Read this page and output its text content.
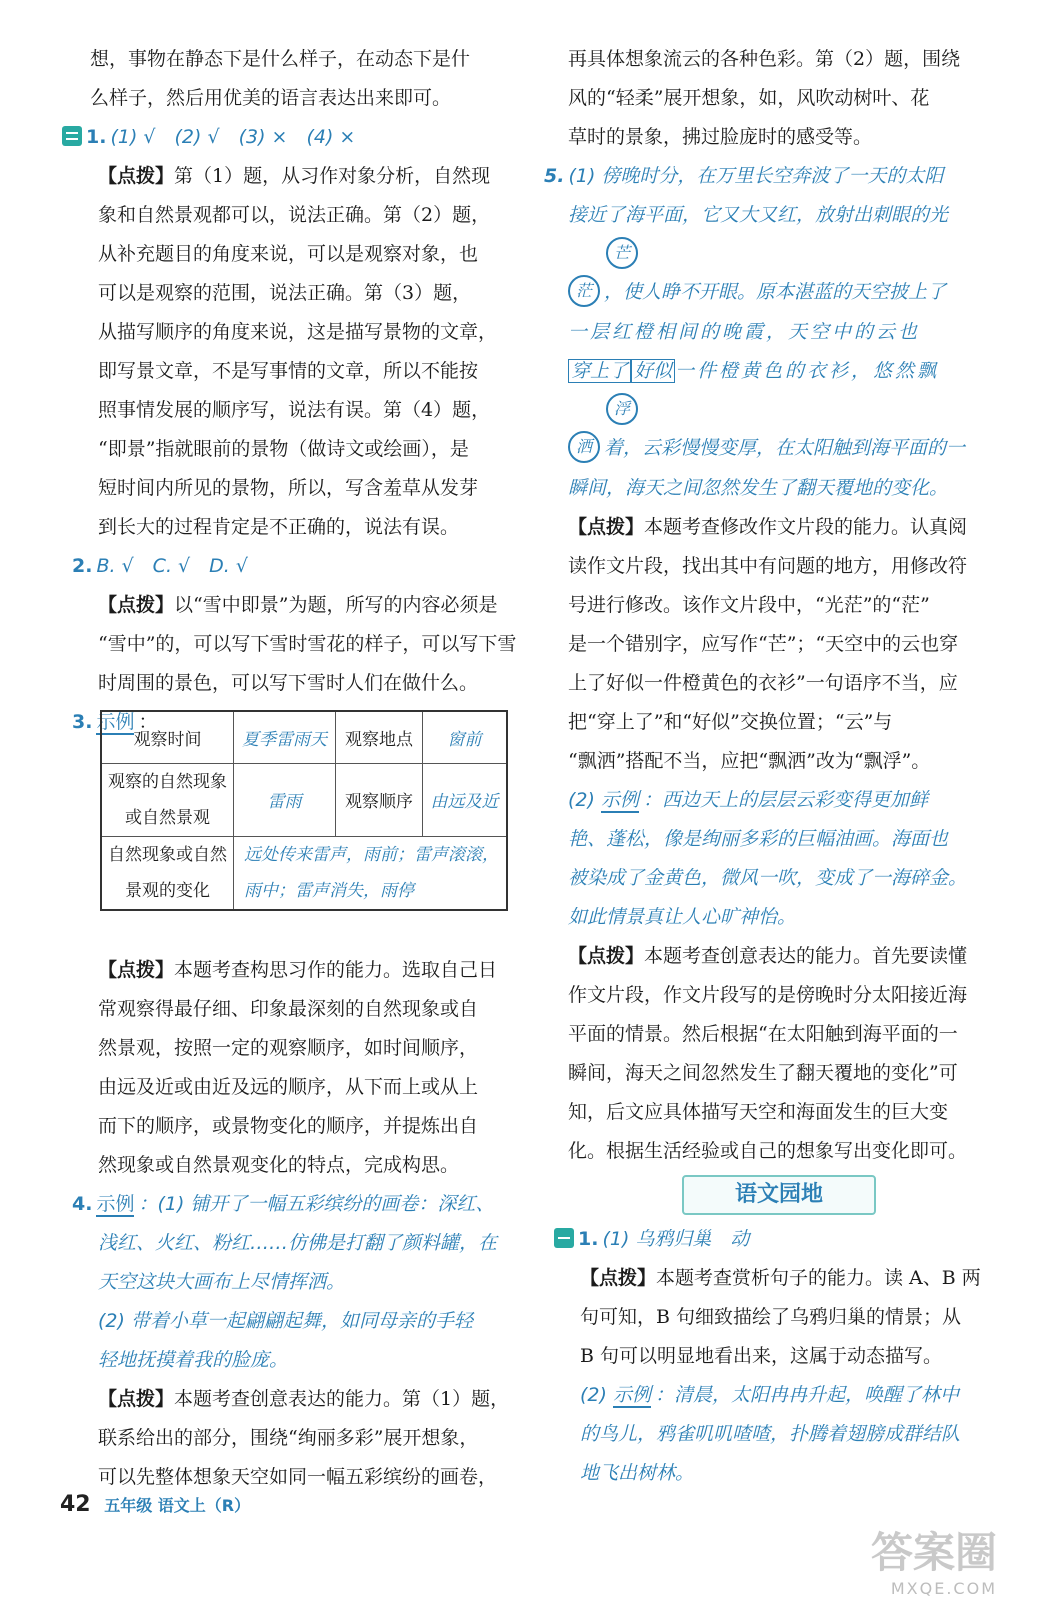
想，事物在静态下是什么样子，在动态下是什
么样子，然后用优美的语言表达出来即可。
1. (1) √　(2) √　(3) ×　(4) ×
【点拨】第（1）题，从习作对象分析，自然现
象和自然景观都可以，说法正确。第（2）题，
从补充题目的角度来说，可以是观察对象，也
可以是观察的范围，说法正确。第（3）题，
从描写顺序的角度来说，这是描写景物的文章，
即写景文章，不是写事情的文章，所以不能按
照事情发展的顺序写，说法有误。第（4）题，
“即景”指就眼前的景物（做诗文或绘画），是
短时间内所见的景物，所以，写含羞草从发芽
到长大的过程肯定是不正确的，说法有误。
2. B. √　C. √　D. √
【点拨】以“雪中即景”为题，所写的内容必须是
“雪中”的，可以写下雪时雪花的样子，可以写下雪
时周围的景色，可以写下雪时人们在做什么。
3. 示例 ：
观察时间	夏季雷雨天	观察地点	窗前
观察的自然现象或自然景观	雷雨	观察顺序	由远及近
自然现象或自然景观的变化	远处传来雷声，雨前；雷声滚滚，雨中；雷声消失，雨停		
【点拨】本题考查构思习作的能力。选取自己日
常观察得最仔细、印象最深刻的自然现象或自
然景观，按照一定的观察顺序，如时间顺序，
由远及近或由近及远的顺序，从下而上或从上
而下的顺序，或景物变化的顺序，并提炼出自
然现象或自然景观变化的特点，完成构思。
4. 示例 ：(1) 铺开了一幅五彩缤纷的画卷：深红、
浅红、火红、粉红……仿佛是打翻了颜料罐，在
天空这块大画布上尽情挥洒。
(2) 带着小草一起翩翩起舞，如同母亲的手轻
轻地抚摸着我的脸庞。
【点拨】本题考查创意表达的能力。第（1）题，
联系给出的部分，围绕“绚丽多彩”展开想象，
可以先整体想象天空如同一幅五彩缤纷的画卷，
再具体想象流云的各种色彩。第（2）题，围绕
风的“轻柔”展开想象，如，风吹动树叶、花
草时的景象，拂过脸庞时的感受等。
5. (1) 傍晚时分，在万里长空奔波了一天的太阳
接近了海平面，它又大又红，放射出刺眼的光
芒
茫 ，使人睁不开眼。原本湛蓝的天空披上了
一层红橙相间的晚霞，天空中的云也
穿上了 好似 一件橙黄色的衣衫，悠然飘
浮
洒 着，云彩慢慢变厚，在太阳触到海平面的一
瞬间，海天之间忽然发生了翻天覆地的变化。
【点拨】本题考查修改作文片段的能力。认真阅
读作文片段，找出其中有问题的地方，用修改符
号进行修改。该作文片段中，“光茫”的“茫”
是一个错别字，应写作“芒”；“天空中的云也穿
上了好似一件橙黄色的衣衫”一句语序不当，应
把“穿上了”和“好似”交换位置；“云”与
“飘洒”搭配不当，应把“飘洒”改为“飘浮”。
(2) 示例 ：西边天上的层层云彩变得更加鲜
艳、蓬松，像是绚丽多彩的巨幅油画。海面也
被染成了金黄色，微风一吹，变成了一海碎金。
如此情景真让人心旷神怡。
【点拨】本题考查创意表达的能力。首先要读懂
作文片段，作文片段写的是傍晚时分太阳接近海
平面的情景。然后根据“在太阳触到海平面的一
瞬间，海天之间忽然发生了翻天覆地的变化”可
知，后文应具体描写天空和海面发生的巨大变
化。根据生活经验或自己的想象写出变化即可。
语文园地
1. (1) 乌鸦归巢　动
【点拨】本题考查赏析句子的能力。读 A、B 两
句可知，B 句细致描绘了乌鸦归巢的情景；从
B 句可以明显地看出来，这属于动态描写。
(2) 示例 ：清晨，太阳冉冉升起，唤醒了林中
的鸟儿，鸦雀叽叽喳喳，扑腾着翅膀成群结队
地飞出树林。
42 五年级 语文上（R）
答案圈
MXQE.COM
